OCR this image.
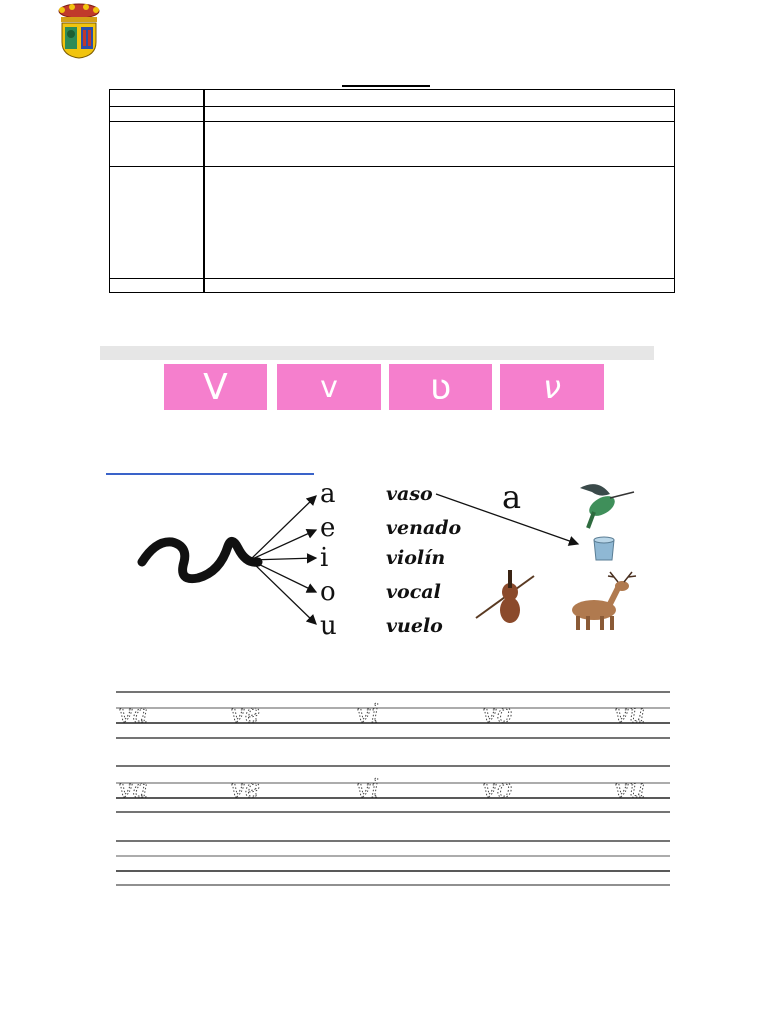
V	v	ʋ	ν
a
e
i
o
u
vaso
venado
violín
vocal
vuelo
a
va	ve	vi	vo	vu
va	ve	vi	vo	vu
